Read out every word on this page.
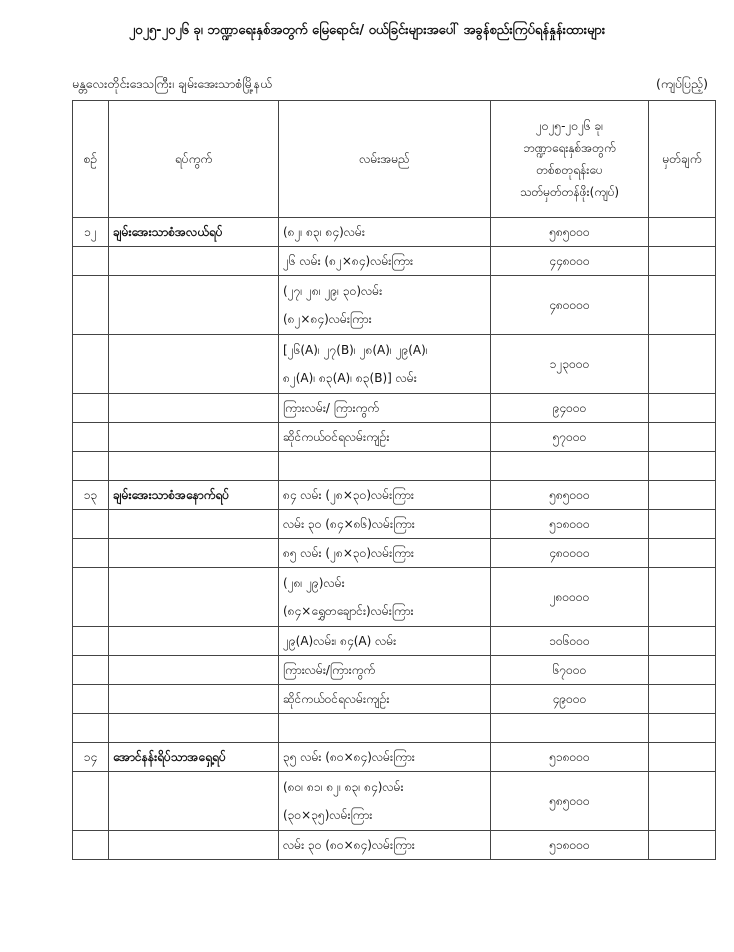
၂၀၂၅-၂၀၂၆ ခု၊ ဘဏ္ဍာရေးနှစ်အတွက် မြေရောင်း/ ဝယ်ခြင်းများအပေါ် အခွန်စည်းကြပ်ရန်နှုန်းထားများ
မန္တလေးတိုင်းဒေသကြီး၊ ချမ်းအေးသာစံမြို့နယ်	(ကျပ်ပြည့်)
စဉ်	ရပ်ကွက်	လမ်းအမည်	၂၀၂၅-၂၀၂၆ ခု၊
ဘဏ္ဍာရေးနှစ်အတွက်
တစ်စတုရန်းပေ
သတ်မှတ်တန်ဖိုး(ကျပ်)	မှတ်ချက်
၁၂	ချမ်းအေးသာစံအလယ်ရပ်	(၈၂၊ ၈၃၊ ၈၄)လမ်း	၅၈၅၀၀၀	

		၂၆ လမ်း (၈၂×၈၄)လမ်းကြား	၄၄၈၀၀၀	

		(၂၇၊ ၂၈၊ ၂၉၊ ၃၀)လမ်း
(၈၂×၈၄)လမ်းကြား	၄၈၀၀၀၀	

		[၂၆(A)၊ ၂၇(B)၊ ၂၈(A)၊ ၂၉(A)၊
၈၂(A)၊ ၈၃(A)၊ ၈၃(B)] လမ်း	၁၂၃၀၀၀	

		ကြားလမ်း/ ကြားကွက်	၉၄၀၀၀	

		ဆိုင်ကယ်ဝင်ရလမ်းကျဉ်း	၅၇၀၀၀	

၁၃	ချမ်းအေးသာစံအနောက်ရပ်	၈၄ လမ်း (၂၈×၃၀)လမ်းကြား	၅၈၅၀၀၀	

		လမ်း ၃၀ (၈၄×၈၆)လမ်းကြား	၅၁၈၀၀၀	

		၈၅ လမ်း (၂၈×၃၀)လမ်းကြား	၄၈၀၀၀၀	

		(၂၈၊ ၂၉)လမ်း
(၈၄×ရွှေတချောင်း)လမ်းကြား	၂၈၀၀၀၀	

		၂၉(A)လမ်း၊ ၈၄(A) လမ်း	၁၀၆၀၀၀	

		ကြားလမ်း/ကြားကွက်	၆၇၀၀၀	

		ဆိုင်ကယ်ဝင်ရလမ်းကျဉ်း	၄၉၀၀၀	

၁၄	အောင်နန်းရိပ်သာအရှေ့ရပ်	၃၅ လမ်း (၈၀×၈၄)လမ်းကြား	၅၁၈၀၀၀	

		(၈၀၊ ၈၁၊ ၈၂၊ ၈၃၊ ၈၄)လမ်း
(၃၀×၃၅)လမ်းကြား	၅၈၅၀၀၀	

		လမ်း ၃၀ (၈၀×၈၄)လမ်းကြား	၅၁၈၀၀၀	
